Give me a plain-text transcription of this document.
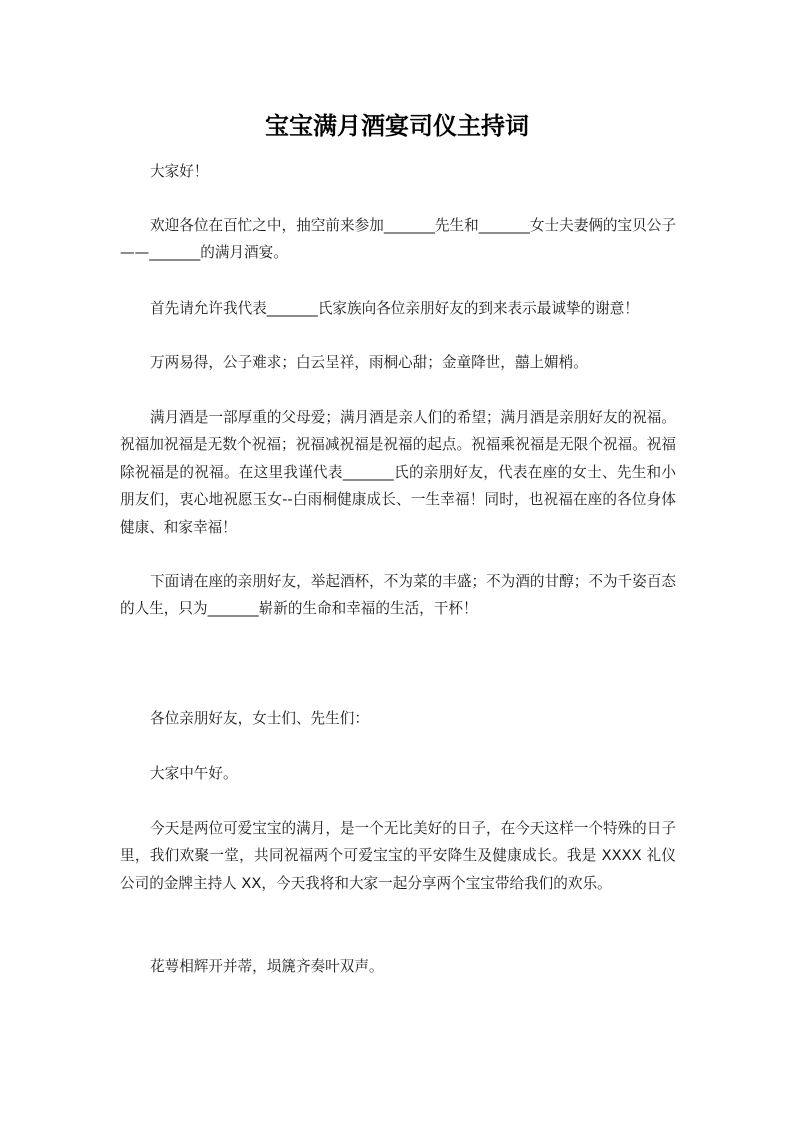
宝宝满月酒宴司仪主持词

大家好！

欢迎各位在百忙之中，抽空前来参加_______先生和_______女士夫妻俩的宝贝公子——_______的满月酒宴。

首先请允许我代表_______氏家族向各位亲朋好友的到来表示最诚挚的谢意！

万两易得，公子难求；白云呈祥，雨桐心甜；金童降世，囍上媚梢。

满月酒是一部厚重的父母爱；满月酒是亲人们的希望；满月酒是亲朋好友的祝福。祝福加祝福是无数个祝福；祝福减祝福是祝福的起点。祝福乘祝福是无限个祝福。祝福除祝福是的祝福。在这里我谨代表_______氏的亲朋好友，代表在座的女士、先生和小朋友们，衷心地祝愿玉女--白雨桐健康成长、一生幸福！同时，也祝福在座的各位身体健康、和家幸福！

下面请在座的亲朋好友，举起酒杯，不为菜的丰盛；不为酒的甘醇；不为千姿百态的人生，只为_______崭新的生命和幸福的生活，干杯！

各位亲朋好友，女士们、先生们：

大家中午好。

今天是两位可爱宝宝的满月，是一个无比美好的日子，在今天这样一个特殊的日子里，我们欢聚一堂，共同祝福两个可爱宝宝的平安降生及健康成长。我是 XXXX 礼仪公司的金牌主持人 XX，今天我将和大家一起分享两个宝宝带给我们的欢乐。

花萼相辉开并蒂，埙篪齐奏叶双声。
